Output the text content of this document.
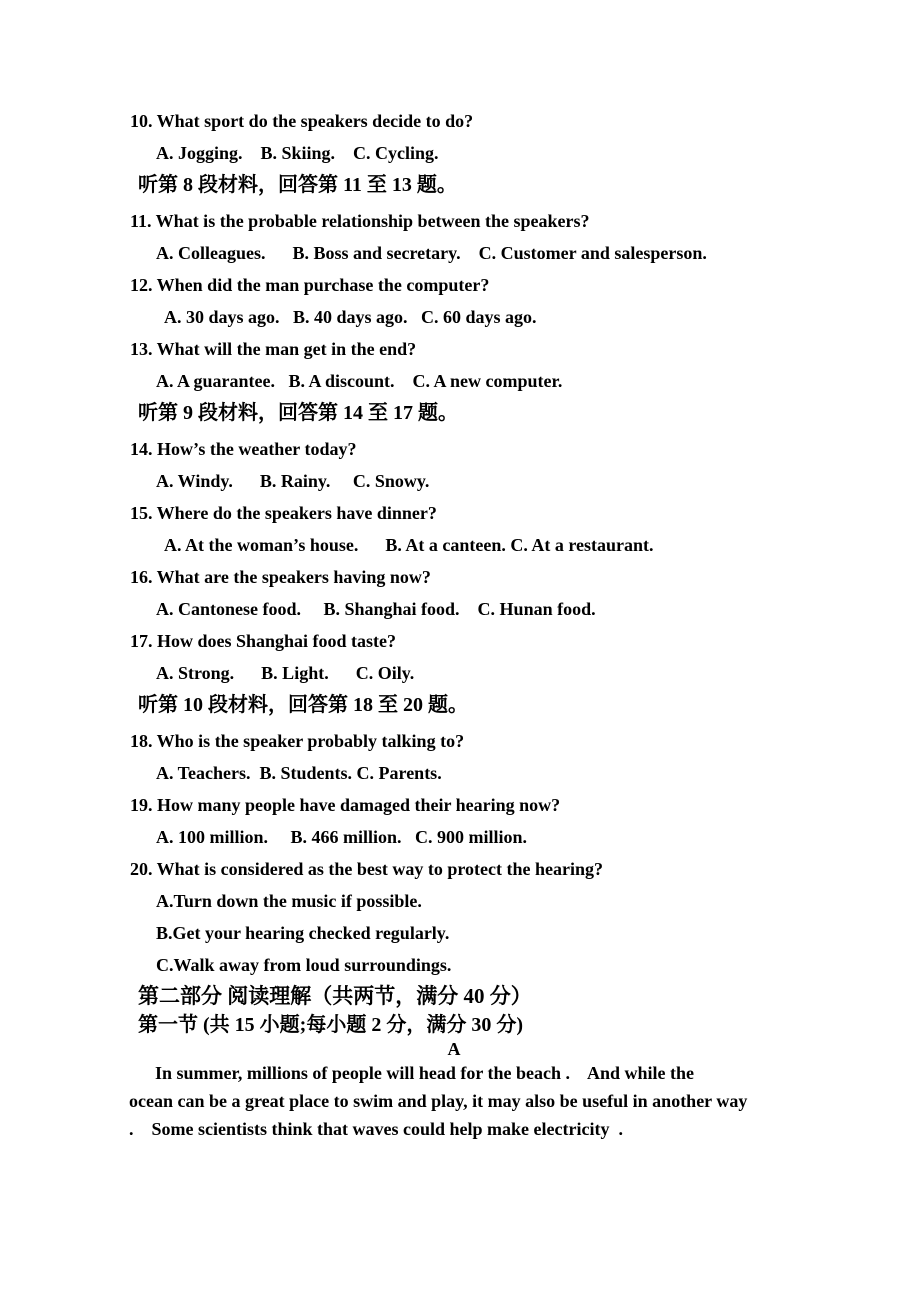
10. What sport do the speakers decide to do?
A. Jogging.    B. Skiing.    C. Cycling.
听第 8 段材料，回答第 11 至 13 题。
11. What is the probable relationship between the speakers?
A. Colleagues.      B. Boss and secretary.    C. Customer and salesperson.
12. When did the man purchase the computer?
A. 30 days ago.   B. 40 days ago.   C. 60 days ago.
13. What will the man get in the end?
A. A guarantee.   B. A discount.    C. A new computer.
听第 9 段材料，回答第 14 至 17 题。
14. How’s the weather today?
A. Windy.      B. Rainy.     C. Snowy.
15. Where do the speakers have dinner?
A. At the woman’s house.      B. At a canteen. C. At a restaurant.
16. What are the speakers having now?
A. Cantonese food.     B. Shanghai food.    C. Hunan food.
17. How does Shanghai food taste?
A. Strong.      B. Light.      C. Oily.
听第 10 段材料，回答第 18 至 20 题。
18. Who is the speaker probably talking to?
A. Teachers.  B. Students. C. Parents.
19. How many people have damaged their hearing now?
A. 100 million.     B. 466 million.   C. 900 million.
20. What is considered as the best way to protect the hearing?
A.Turn down the music if possible.
B.Get your hearing checked regularly.
C.Walk away from loud surroundings.
第二部分 阅读理解（共两节，满分 40 分）
第一节 (共 15 小题;每小题 2 分，满分 30 分)
A
In summer, millions of people will head for the beach .    And while the
ocean can be a great place to swim and play, it may also be useful in another way
.    Some scientists think that waves could help make electricity  .
